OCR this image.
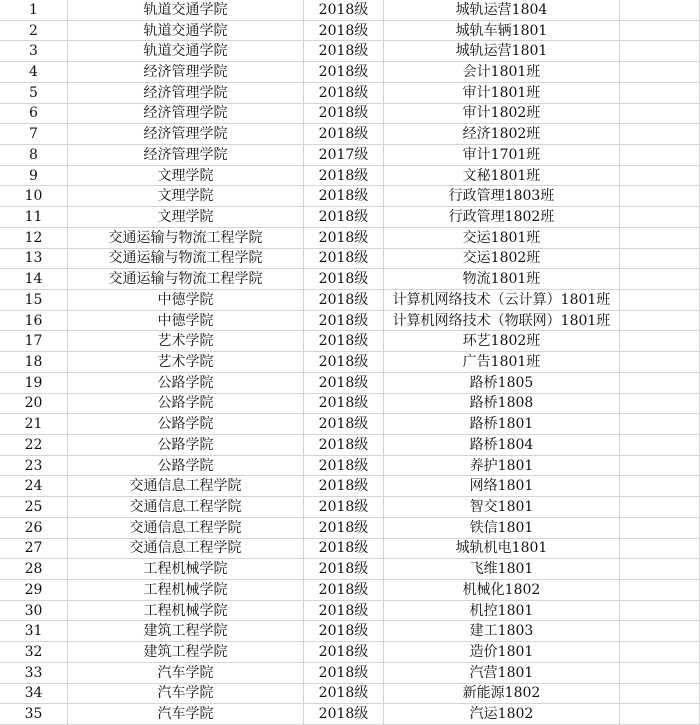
1	轨道交通学院	2018级	城轨运营1804
2	轨道交通学院	2018级	城轨车辆1801
3	轨道交通学院	2018级	城轨运营1801
4	经济管理学院	2018级	会计1801班
5	经济管理学院	2018级	审计1801班
6	经济管理学院	2018级	审计1802班
7	经济管理学院	2018级	经济1802班
8	经济管理学院	2017级	审计1701班
9	文理学院	2018级	文秘1801班
10	文理学院	2018级	行政管理1803班
11	文理学院	2018级	行政管理1802班
12	交通运输与物流工程学院	2018级	交运1801班
13	交通运输与物流工程学院	2018级	交运1802班
14	交通运输与物流工程学院	2018级	物流1801班
15	中德学院	2018级	计算机网络技术（云计算）1801班
16	中德学院	2018级	计算机网络技术（物联网）1801班
17	艺术学院	2018级	环艺1802班
18	艺术学院	2018级	广告1801班
19	公路学院	2018级	路桥1805
20	公路学院	2018级	路桥1808
21	公路学院	2018级	路桥1801
22	公路学院	2018级	路桥1804
23	公路学院	2018级	养护1801
24	交通信息工程学院	2018级	网络1801
25	交通信息工程学院	2018级	智交1801
26	交通信息工程学院	2018级	铁信1801
27	交通信息工程学院	2018级	城轨机电1801
28	工程机械学院	2018级	飞维1801
29	工程机械学院	2018级	机械化1802
30	工程机械学院	2018级	机控1801
31	建筑工程学院	2018级	建工1803
32	建筑工程学院	2018级	造价1801
33	汽车学院	2018级	汽营1801
34	汽车学院	2018级	新能源1802
35	汽车学院	2018级	汽运1802
